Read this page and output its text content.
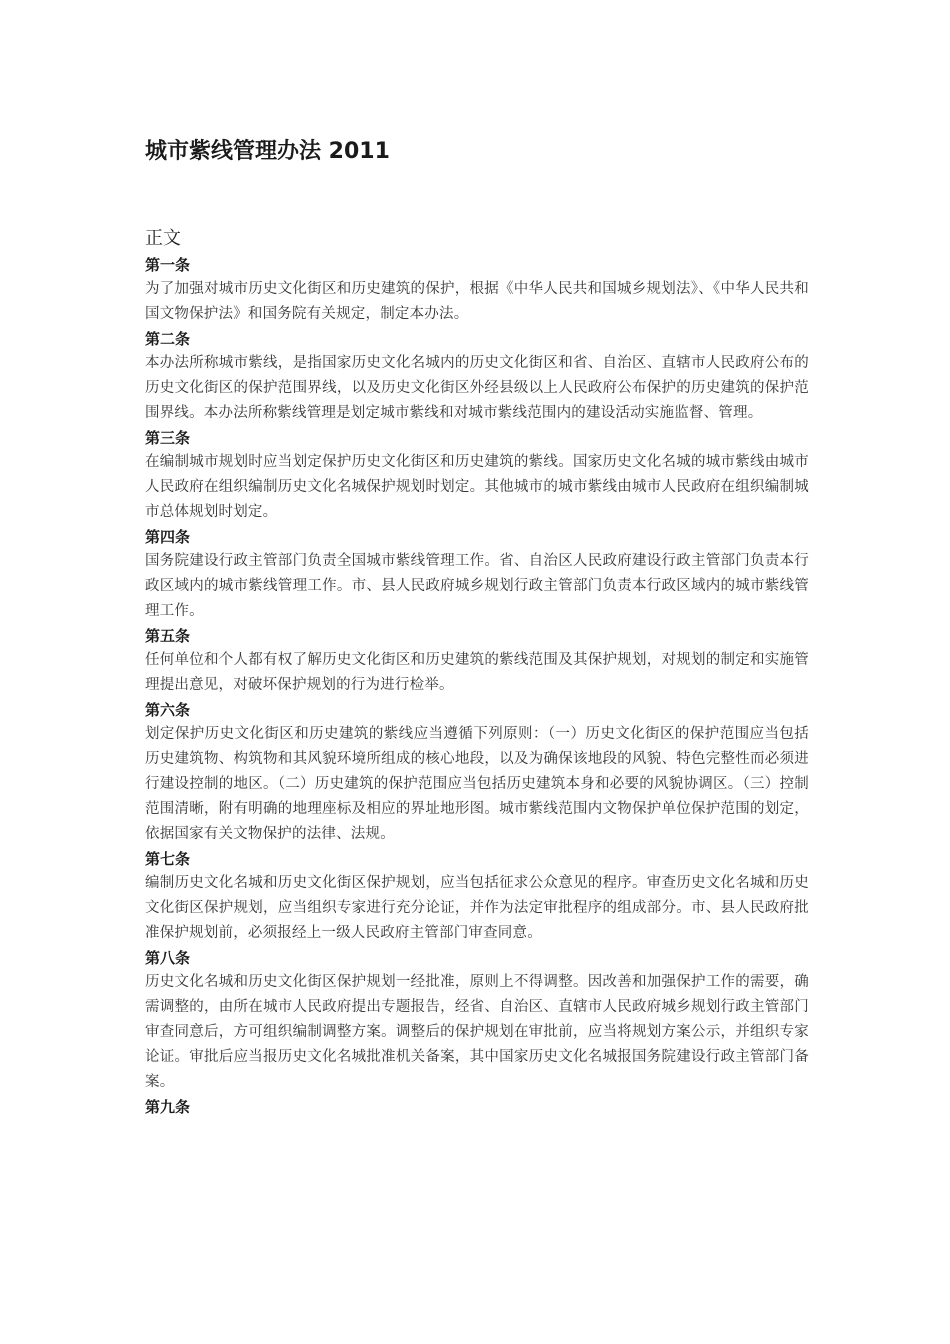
城市紫线管理办法 2011
正文
第一条

为了加强对城市历史文化街区和历史建筑的保护，根据《中华人民共和国城乡规划法》、《中华人民共和国文物保护法》和国务院有关规定，制定本办法。

第二条

本办法所称城市紫线，是指国家历史文化名城内的历史文化街区和省、自治区、直辖市人民政府公布的历史文化街区的保护范围界线，以及历史文化街区外经县级以上人民政府公布保护的历史建筑的保护范围界线。本办法所称紫线管理是划定城市紫线和对城市紫线范围内的建设活动实施监督、管理。

第三条

在编制城市规划时应当划定保护历史文化街区和历史建筑的紫线。国家历史文化名城的城市紫线由城市人民政府在组织编制历史文化名城保护规划时划定。其他城市的城市紫线由城市人民政府在组织编制城市总体规划时划定。

第四条

国务院建设行政主管部门负责全国城市紫线管理工作。省、自治区人民政府建设行政主管部门负责本行政区域内的城市紫线管理工作。市、县人民政府城乡规划行政主管部门负责本行政区域内的城市紫线管理工作。

第五条

任何单位和个人都有权了解历史文化街区和历史建筑的紫线范围及其保护规划，对规划的制定和实施管理提出意见，对破坏保护规划的行为进行检举。

第六条

划定保护历史文化街区和历史建筑的紫线应当遵循下列原则：（一）历史文化街区的保护范围应当包括历史建筑物、构筑物和其风貌环境所组成的核心地段，以及为确保该地段的风貌、特色完整性而必须进行建设控制的地区。（二）历史建筑的保护范围应当包括历史建筑本身和必要的风貌协调区。（三）控制范围清晰，附有明确的地理座标及相应的界址地形图。城市紫线范围内文物保护单位保护范围的划定，依据国家有关文物保护的法律、法规。

第七条

编制历史文化名城和历史文化街区保护规划，应当包括征求公众意见的程序。审查历史文化名城和历史文化街区保护规划，应当组织专家进行充分论证，并作为法定审批程序的组成部分。市、县人民政府批准保护规划前，必须报经上一级人民政府主管部门审查同意。

第八条

历史文化名城和历史文化街区保护规划一经批准，原则上不得调整。因改善和加强保护工作的需要，确需调整的，由所在城市人民政府提出专题报告，经省、自治区、直辖市人民政府城乡规划行政主管部门审查同意后，方可组织编制调整方案。调整后的保护规划在审批前，应当将规划方案公示，并组织专家论证。审批后应当报历史文化名城批准机关备案，其中国家历史文化名城报国务院建设行政主管部门备案。

第九条
